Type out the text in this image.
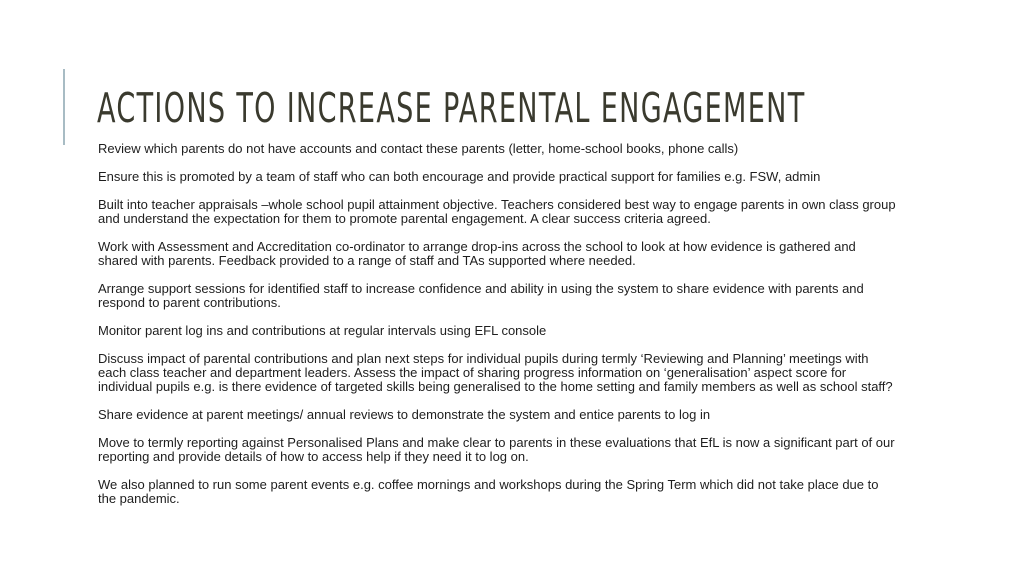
ACTIONS TO INCREASE PARENTAL ENGAGEMENT
Review which parents do not have accounts and contact these parents (letter, home-school books, phone calls)
Ensure this is promoted by a team of staff who can both encourage and provide practical support for families e.g. FSW, admin
Built into teacher appraisals –whole school pupil attainment objective. Teachers considered best way to engage parents in own class group and understand the expectation for them to promote parental engagement. A clear success criteria agreed.
Work with Assessment and Accreditation co-ordinator to arrange drop-ins across the school to look at how evidence is gathered and shared with parents. Feedback provided to a range of staff and TAs supported where needed.
Arrange support sessions for identified staff to increase confidence and ability in using the system to share evidence with parents and respond to parent contributions.
Monitor parent log ins and contributions at regular intervals using EFL console
Discuss impact of parental contributions and plan next steps for individual pupils during termly ‘Reviewing and Planning’ meetings with each class teacher and department leaders. Assess the impact of sharing progress information on ‘generalisation’ aspect score for individual pupils e.g. is there evidence of targeted skills being generalised to the home setting and family members as well as school staff?
Share evidence at parent meetings/ annual reviews to demonstrate the system and entice parents to log in
Move to termly reporting against Personalised Plans and make clear to parents in these evaluations that EfL is now a significant part of our reporting and provide details of how to access help if they need it to log on.
We also planned to run some parent events e.g. coffee mornings and workshops during the Spring Term which did not take place due to the pandemic.
